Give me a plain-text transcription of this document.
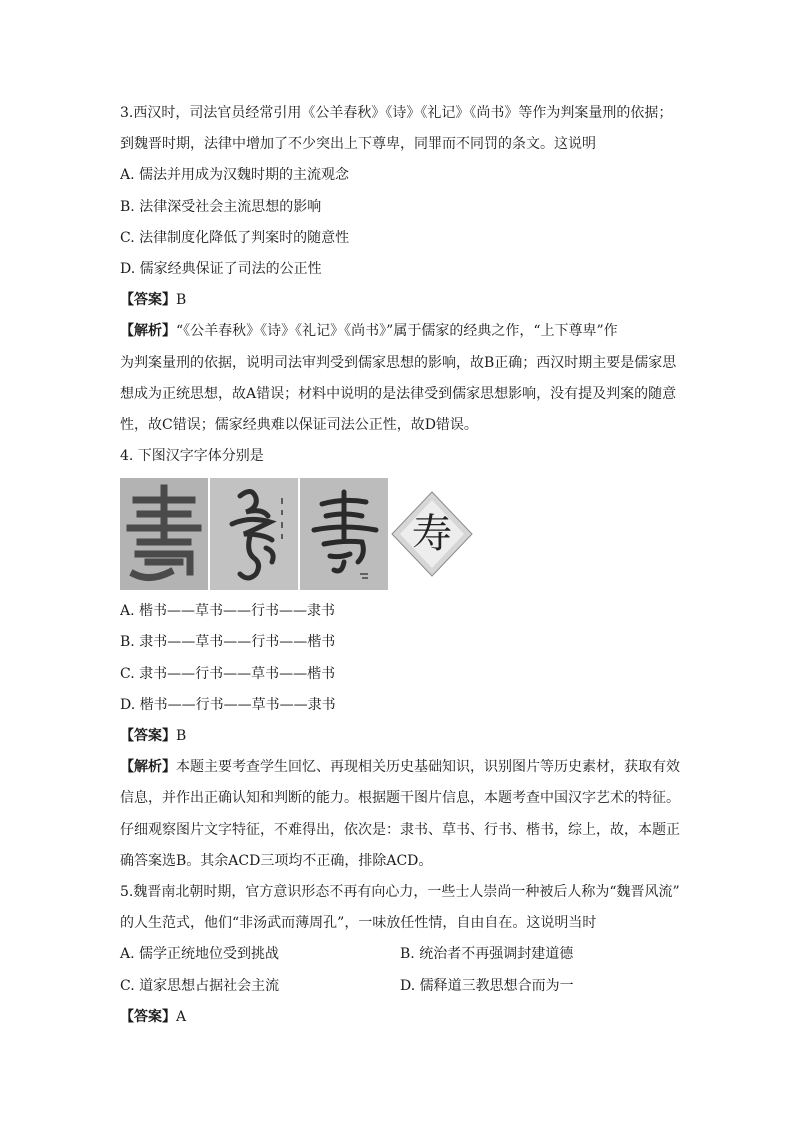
3.西汉时，司法官员经常引用《公羊春秋》《诗》《礼记》《尚书》等作为判案量刑的依据；
到魏晋时期，法律中增加了不少突出上下尊卑，同罪而不同罚的条文。这说明
A. 儒法并用成为汉魏时期的主流观念
B. 法律深受社会主流思想的影响
C. 法律制度化降低了判案时的随意性
D. 儒家经典保证了司法的公正性
【答案】B
【解析】“《公羊春秋》《诗》《礼记》《尚书》”属于儒家的经典之作，“上下尊卑”作
为判案量刑的依据，说明司法审判受到儒家思想的影响，故B正确；西汉时期主要是儒家思
想成为正统思想，故A错误；材料中说明的是法律受到儒家思想影响，没有提及判案的随意
性，故C错误；儒家经典难以保证司法公正性，故D错误。
4. 下图汉字字体分别是
寿
A. 楷书——草书——行书——隶书
B. 隶书——草书——行书——楷书
C. 隶书——行书——草书——楷书
D. 楷书——行书——草书——隶书
【答案】B
【解析】本题主要考查学生回忆、再现相关历史基础知识，识别图片等历史素材，获取有效
信息，并作出正确认知和判断的能力。根据题干图片信息，本题考查中国汉字艺术的特征。
仔细观察图片文字特征，不难得出，依次是：隶书、草书、行书、楷书，综上，故，本题正
确答案选B。其余ACD三项均不正确，排除ACD。
5.魏晋南北朝时期，官方意识形态不再有向心力，一些士人崇尚一种被后人称为“魏晋风流”
的人生范式，他们“非汤武而薄周孔”，一味放任性情，自由自在。这说明当时
A. 儒学正统地位受到挑战	B. 统治者不再强调封建道德
C. 道家思想占据社会主流	D. 儒释道三教思想合而为一
【答案】A
